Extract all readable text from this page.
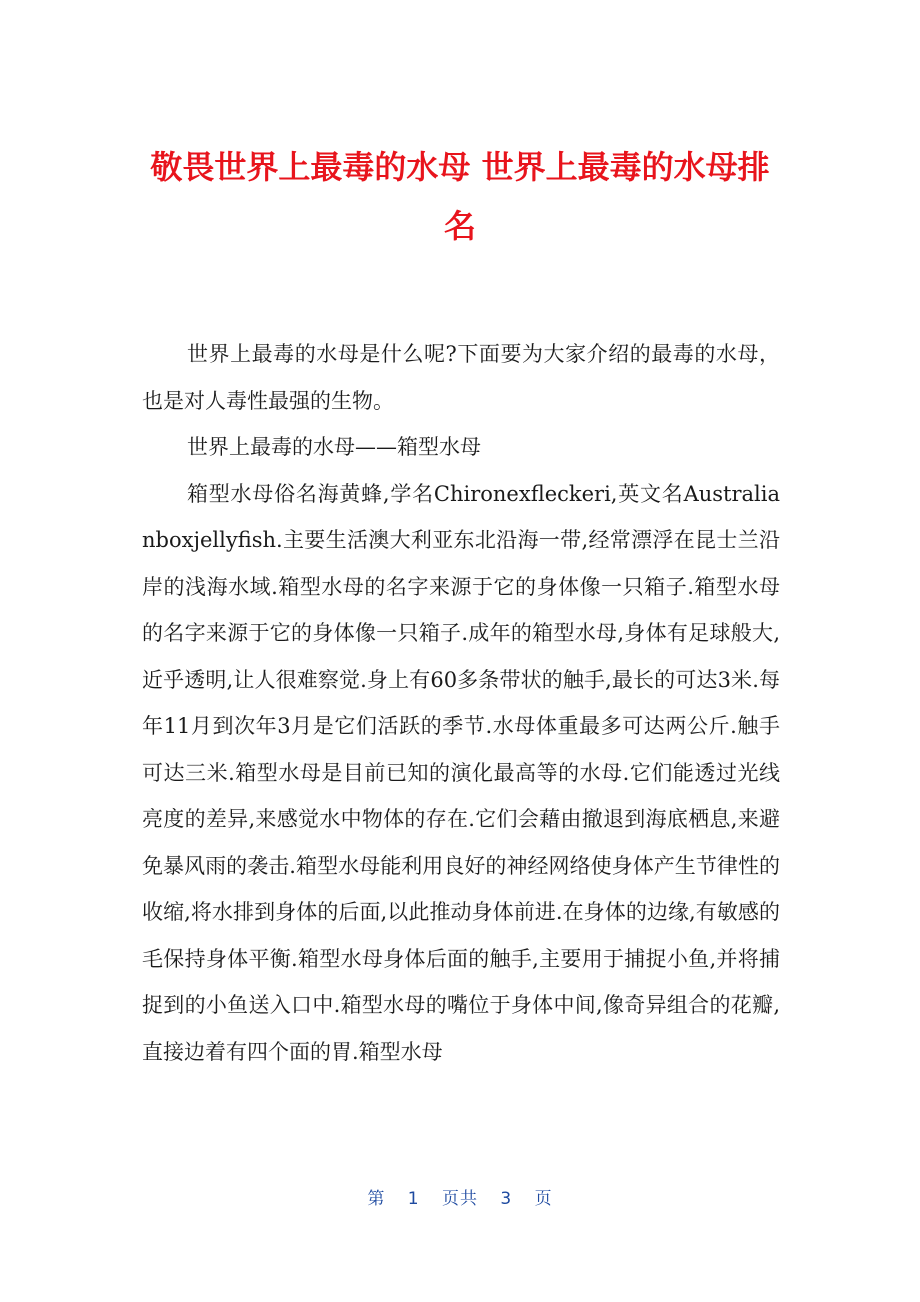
敬畏世界上最毒的水母 世界上最毒的水母排
名

世界上最毒的水母是什么呢?下面要为大家介绍的最毒的水母，也是对人毒性最强的生物。

世界上最毒的水母——箱型水母

箱型水母俗名海黄蜂,学名Chironexfleckeri,英文名Australianboxjellyfish.主要生活澳大利亚东北沿海一带,经常漂浮在昆士兰沿岸的浅海水域.箱型水母的名字来源于它的身体像一只箱子.箱型水母的名字来源于它的身体像一只箱子.成年的箱型水母,身体有足球般大,近乎透明,让人很难察觉.身上有60多条带状的触手,最长的可达3米.每年11月到次年3月是它们活跃的季节.水母体重最多可达两公斤.触手可达三米.箱型水母是目前已知的演化最高等的水母.它们能透过光线亮度的差异,来感觉水中物体的存在.它们会藉由撤退到海底栖息,来避免暴风雨的袭击.箱型水母能利用良好的神经网络使身体产生节律性的收缩,将水排到身体的后面,以此推动身体前进.在身体的边缘,有敏感的毛保持身体平衡.箱型水母身体后面的触手,主要用于捕捉小鱼,并将捕捉到的小鱼送入口中.箱型水母的嘴位于身体中间,像奇异组合的花瓣,直接边着有四个面的胃.箱型水母

第 1 页共 3 页
